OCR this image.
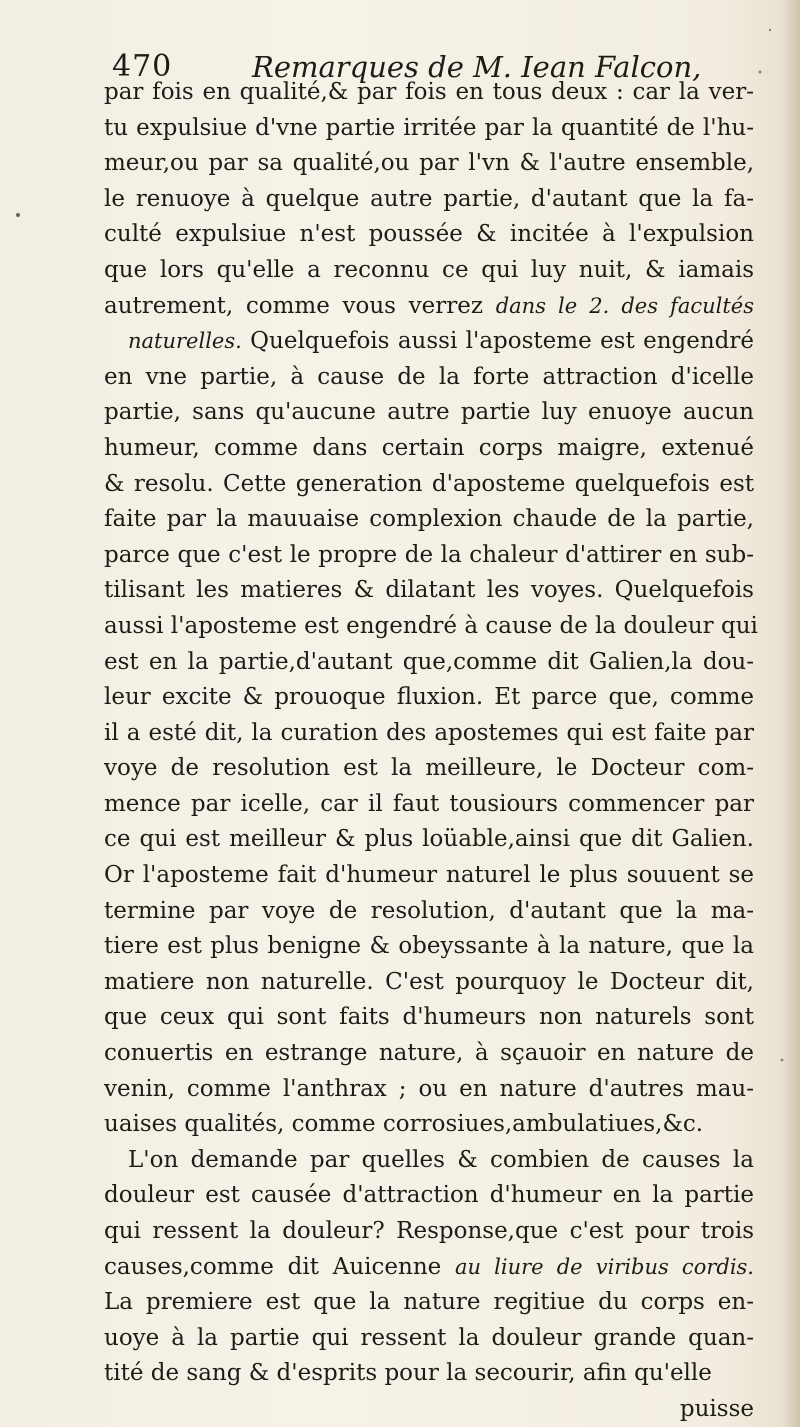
470	Remarques de M. Iean Falcon,
par fois en qualité,& par fois en tous deux : car la ver-
tu expulsiue d'vne partie irritée par la quantité de l'hu-
meur,ou par sa qualité,ou par l'vn & l'autre ensemble,
le renuoye à quelque autre partie, d'autant que la fa-
culté expulsiue n'est poussée & incitée à l'expulsion
que lors qu'elle a reconnu ce qui luy nuit, & iamais
autrement, comme vous verrez dans le 2. des facultés
naturelles. Quelquefois aussi l'aposteme est engendré
en vne partie, à cause de la forte attraction d'icelle
partie, sans qu'aucune autre partie luy enuoye aucun
humeur, comme dans certain corps maigre, extenué
& resolu. Cette generation d'aposteme quelquefois est
faite par la mauuaise complexion chaude de la partie,
parce que c'est le propre de la chaleur d'attirer en sub-
tilisant les matieres & dilatant les voyes. Quelquefois
aussi l'aposteme est engendré à cause de la douleur qui
est en la partie,d'autant que,comme dit Galien,la dou-
leur excite & prouoque fluxion. Et parce que, comme
il a esté dit, la curation des apostemes qui est faite par
voye de resolution est la meilleure, le Docteur com-
mence par icelle, car il faut tousiours commencer par
ce qui est meilleur & plus loüable,ainsi que dit Galien.
Or l'aposteme fait d'humeur naturel le plus souuent se
termine par voye de resolution, d'autant que la ma-
tiere est plus benigne & obeyssante à la nature, que la
matiere non naturelle. C'est pourquoy le Docteur dit,
que ceux qui sont faits d'humeurs non naturels sont
conuertis en estrange nature, à sçauoir en nature de
venin, comme l'anthrax ; ou en nature d'autres mau-
uaises qualités, comme corrosiues,ambulatiues,&c.
L'on demande par quelles & combien de causes la
douleur est causée d'attraction d'humeur en la partie
qui ressent la douleur? Response,que c'est pour trois
causes,comme dit Auicenne au liure de viribus cordis.
La premiere est que la nature regitiue du corps en-
uoye à la partie qui ressent la douleur grande quan-
tité de sang & d'esprits pour la secourir, afin qu'elle
puisse
